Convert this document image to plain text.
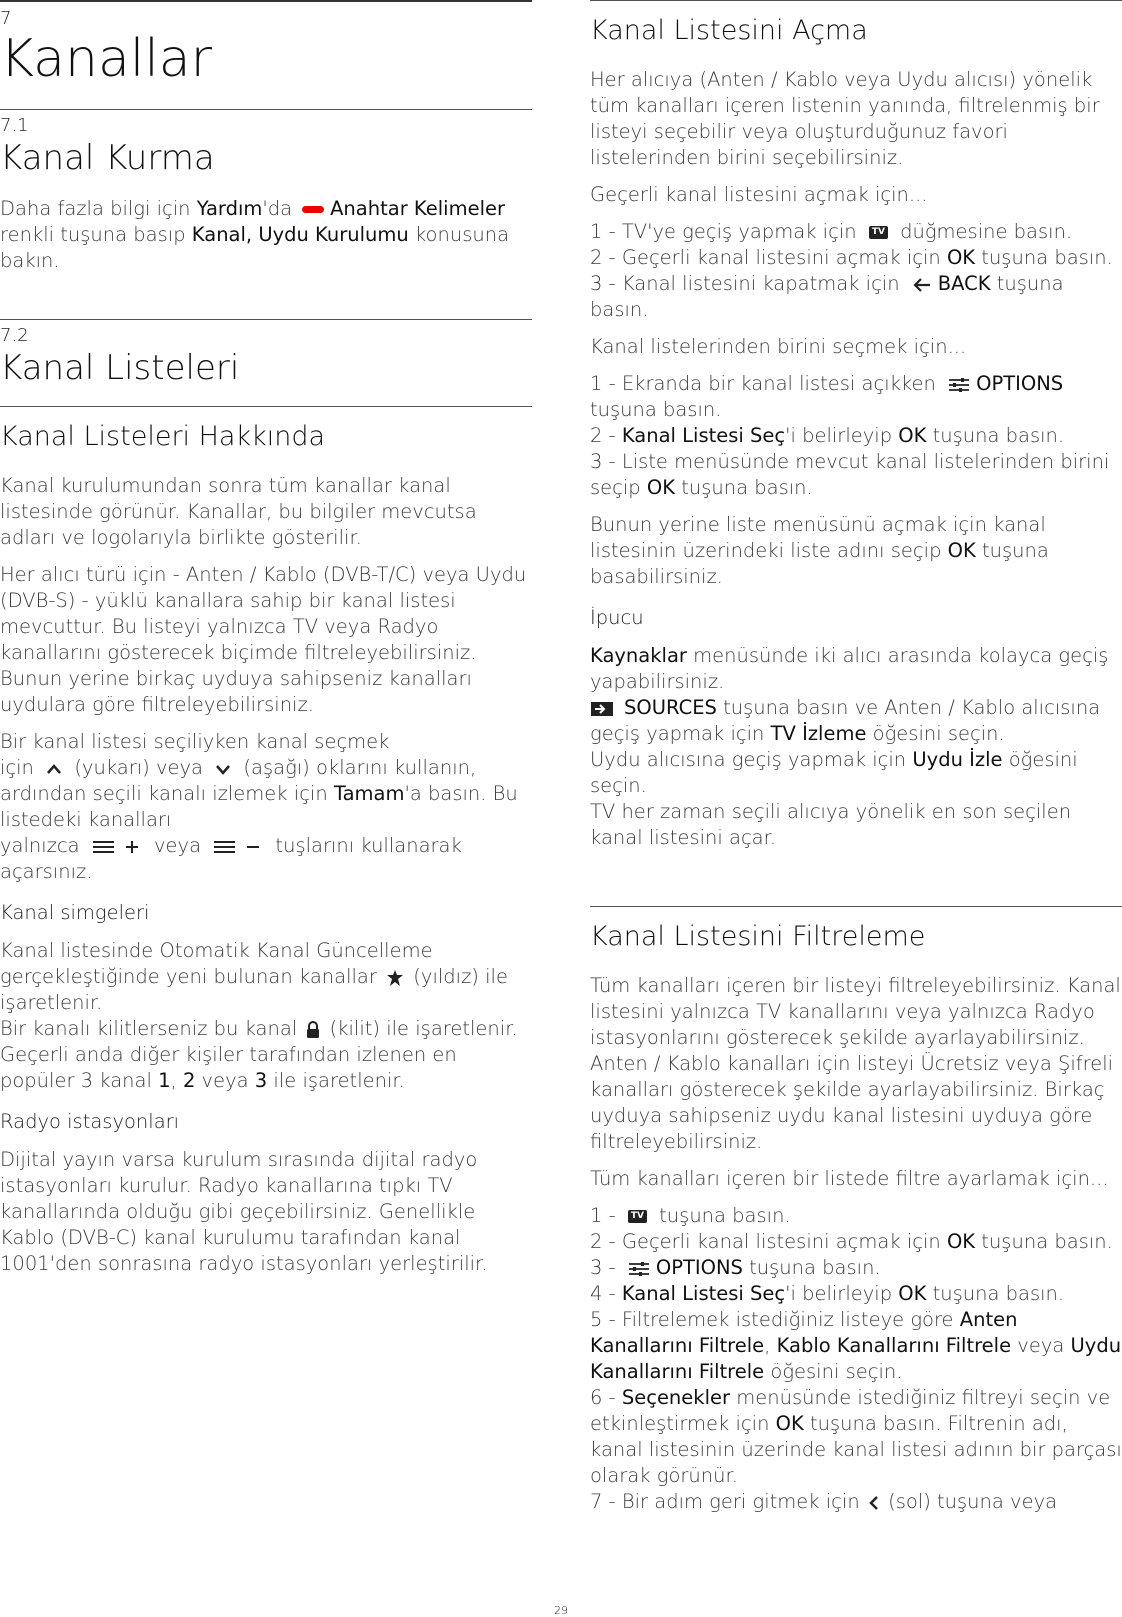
7
Kanallar
7.1
Kanal Kurma

Daha fazla bilgi için Yardım'da Anahtar Kelimeler renkli tuşuna basıp Kanal, Uydu Kurulumu konusuna bakın.

7.2
Kanal Listeleri
Kanal Listeleri Hakkında

Kanal kurulumundan sonra tüm kanallar kanal listesinde görünür. Kanallar, bu bilgiler mevcutsa adları ve logolarıyla birlikte gösterilir.

Her alıcı türü için - Anten / Kablo (DVB-T/C) veya Uydu (DVB-S) - yüklü kanallara sahip bir kanal listesi mevcuttur. Bu listeyi yalnızca TV veya Radyo kanallarını gösterecek biçimde filtreleyebilirsiniz. Bunun yerine birkaç uyduya sahipseniz kanalları uydulara göre filtreleyebilirsiniz.

Bir kanal listesi seçiliyken kanal seçmek
için  (yukarı) veya  (aşağı) oklarını kullanın,
ardından seçili kanalı izlemek için Tamam'a basın. Bu listedeki kanalları
yalnızca	veya	tuşlarını kullanarak açarsınız.

Kanal simgeleri

Kanal listesinde Otomatik Kanal Güncelleme gerçekleştiğinde yeni bulunan kanallar  (yıldız) ile işaretlenir.
Bir kanalı kilitlerseniz bu kanal  (kilit) ile işaretlenir.
Geçerli anda diğer kişiler tarafından izlenen en popüler 3 kanal 1, 2 veya 3 ile işaretlenir.

Radyo istasyonları

Dijital yayın varsa kurulum sırasında dijital radyo istasyonları kurulur. Radyo kanallarına tıpkı TV kanallarında olduğu gibi geçebilirsiniz. Genellikle Kablo (DVB-C) kanal kurulumu tarafından kanal 1001'den sonrasına radyo istasyonları yerleştirilir.

Kanal Listesini Açma

Her alıcıya (Anten / Kablo veya Uydu alıcısı) yönelik tüm kanalları içeren listenin yanında, filtrelenmiş bir listeyi seçebilir veya oluşturduğunuz favori listelerinden birini seçebilirsiniz.

Geçerli kanal listesini açmak için...

1 - TV'ye geçiş yapmak için TV düğmesine basın.
2 - Geçerli kanal listesini açmak için OK tuşuna basın.
3 - Kanal listesini kapatmak için BACK tuşuna basın.

Kanal listelerinden birini seçmek için...

1 - Ekranda bir kanal listesi açıkken OPTIONS tuşuna basın.
2 - Kanal Listesi Seç'i belirleyip OK tuşuna basın.
3 - Liste menüsünde mevcut kanal listelerinden birini seçip OK tuşuna basın.

Bunun yerine liste menüsünü açmak için kanal listesinin üzerindeki liste adını seçip OK tuşuna basabilirsiniz.

İpucu

Kaynaklar menüsünde iki alıcı arasında kolayca geçiş yapabilirsiniz.
SOURCES tuşuna basın ve Anten / Kablo alıcısına geçiş yapmak için TV İzleme öğesini seçin.
Uydu alıcısına geçiş yapmak için Uydu İzle öğesini seçin.
TV her zaman seçili alıcıya yönelik en son seçilen kanal listesini açar.

Kanal Listesini Filtreleme

Tüm kanalları içeren bir listeyi filtreleyebilirsiniz. Kanal listesini yalnızca TV kanallarını veya yalnızca Radyo istasyonlarını gösterecek şekilde ayarlayabilirsiniz. Anten / Kablo kanalları için listeyi Ücretsiz veya Şifreli kanalları gösterecek şekilde ayarlayabilirsiniz. Birkaç uyduya sahipseniz uydu kanal listesini uyduya göre filtreleyebilirsiniz.

Tüm kanalları içeren bir listede filtre ayarlamak için...

1 - TV tuşuna basın.
2 - Geçerli kanal listesini açmak için OK tuşuna basın.
3 - OPTIONS tuşuna basın.
4 - Kanal Listesi Seç'i belirleyip OK tuşuna basın.
5 - Filtrelemek istediğiniz listeye göre Anten Kanallarını Filtrele, Kablo Kanallarını Filtrele veya Uydu Kanallarını Filtrele öğesini seçin.
6 - Seçenekler menüsünde istediğiniz filtreyi seçin ve etkinleştirmek için OK tuşuna basın. Filtrenin adı, kanal listesinin üzerinde kanal listesi adının bir parçası olarak görünür.
7 - Bir adım geri gitmek için  (sol) tuşuna veya

29
